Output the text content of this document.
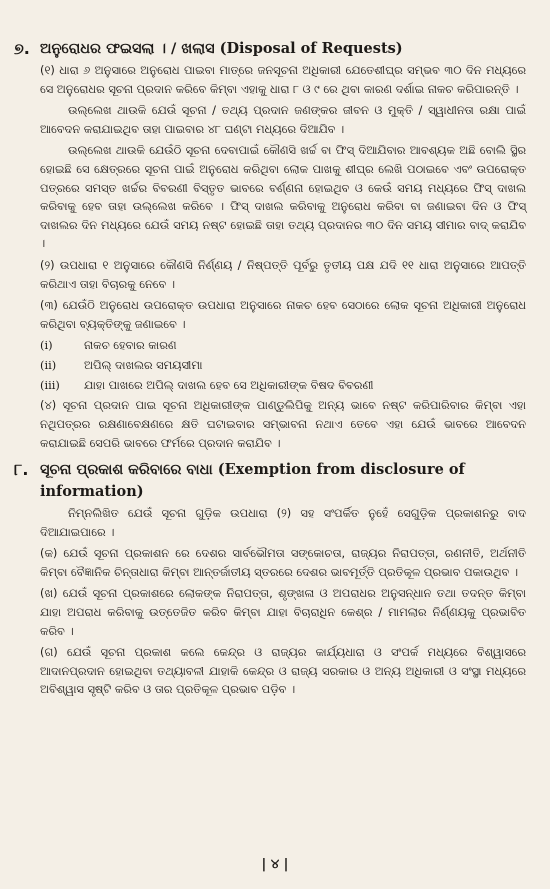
୭. ଅନୁରୋଧର ଫଇସଲା । / ଖଲାସ (Disposal of Requests)

(୧) ଧାରା ୬ ଅନୁସାରେ ଅନୁରୋଧ ପାଇବା ମାତ୍ରେ ଜନସୂଚନା ଅଧିକାରୀ ଯେତେଶୀଘ୍ର ସମ୍ଭବ ୩୦ ଦିନ ମଧ୍ୟରେ ସେ ଅନୁରୋଧର ସୂଚନା ପ୍ରଦାନ କରିବେ କିମ୍ବା ଏହାକୁ ଧାରା ୮ ଓ ୯ ରେ ଥିବା କାରଣ ଦର୍ଶାଇ ନାକଚ କରିପାରନ୍ତି ।

ଉଲ୍ଲେଖ ଥାଉକି ଯେଉଁ ସୂଚନା / ତଥ୍ୟ ପ୍ରଦାନ ଜଣଙ୍କର ଜୀବନ ଓ ମୁକ୍ତି / ସ୍ୱାଧୀନତା ରକ୍ଷା ପାଇଁ ଆବେଦନ କରାଯାଇଥିବ ତାହା ପାଇବାର ୪୮ ଘଣ୍ଟା ମଧ୍ୟରେ ଦିଆଯିବ ।

ଉଲ୍ଲେଖ ଥାଉକି ଯେଉଁଠି ସୂଚନା ଦେବାପାଇଁ କୌଣସି ଖର୍ଚ୍ଚ ବା ଫିସ୍ ଦିଆଯିବାର ଆବଶ୍ୟକ ଅଛି ବୋଲି ସ୍ଥିର ହୋଇଛି ସେ କ୍ଷେତ୍ରରେ ସୂଚନା ପାଇଁ ଅନୁରୋଧ କରିଥିବା ଲୋକ ପାଖକୁ ଶୀଘ୍ର ଲେଖି ପଠାଇବେ ଏବଂ ଉପରୋକ୍ତ ପତ୍ରରେ ସମସ୍ତ ଖର୍ଚ୍ଚର ବିବରଣୀ ବିସ୍ତୃତ ଭାବରେ ବର୍ଣ୍ଣନା ହୋଇଥିବ ଓ କେଉଁ ସମୟ ମଧ୍ୟରେ ଫିସ୍ ଦାଖଲ କରିବାକୁ ହେବ ତାହା ଉଲ୍ଲେଖ କରିବେ । ଫିସ୍ ଦାଖଲ କରିବାକୁ ଅନୁରୋଧ କରିବା ବା ଜଣାଇବା ଦିନ ଓ ଫିସ୍ ଦାଖଲର ଦିନ ମଧ୍ୟରେ ଯେଉଁ ସମୟ ନଷ୍ଟ ହୋଇଛି ତାହା ତଥ୍ୟ ପ୍ରଦାନର ୩୦ ଦିନ ସମୟ ସୀମାର ବାଦ୍ କରାଯିବ ।

(୨) ଉପଧାରା ୧ ଅନୁସାରେ କୌଣସି ନିର୍ଣ୍ଣୟ / ନିଷ୍ପତ୍ତି ପୂର୍ବରୁ ତୃତୀୟ ପକ୍ଷ ଯଦି ୧୧ ଧାରା ଅନୁସାରେ ଆପତ୍ତି କରିଥାଏ ତାହା ବିଚାରକୁ ନେବେ ।

(୩) ଯେଉଁଠି ଅନୁରୋଧ ଉପରୋକ୍ତ ଉପଧାରା ଅନୁସାରେ ନାକଚ ହେବ ସେଠାରେ ଲୋକ ସୂଚନା ଅଧିକାରୀ ଅନୁରୋଧ କରିଥିବା ବ୍ୟକ୍ତିଙ୍କୁ ଜଣାଇବେ ।

(i)	ନାକଚ ହେବାର କାରଣ
(ii)	ଅପିଲ୍ ଦାଖଲର ସମୟସୀମା
(iii)	ଯାହା ପାଖରେ ଅପିଲ୍ ଦାଖଲ ହେବ ସେ ଅଧିକାରୀଙ୍କ ବିଷଦ ବିବରଣୀ

(୪) ସୂଚନା ପ୍ରଦାନ ପାଇ ସୂଚନା ଅଧିକାରୀଙ୍କ ପାଣ୍ଡୁଲିପିକୁ ଅନ୍ୟ ଭାବେ ନଷ୍ଟ କରିପାରିବାର କିମ୍ବା ଏହା ନଥିପତ୍ରର ରକ୍ଷଣାବେକ୍ଷଣରେ କ୍ଷତି ଘଟାଇବାର ସମ୍ଭାବନା ନଥାଏ ତେବେ ଏହା ଯେଉଁ ଭାବରେ ଆବେଦନ କରାଯାଇଛି ସେପରି ଭାବରେ ଫର୍ମରେ ପ୍ରଦାନ କରାଯିବ ।

୮. ସୂଚନା ପ୍ରକାଶ କରିବାରେ ବାଧା (Exemption from disclosure of information)

ନିମ୍ନଲିଖିତ ଯେଉଁ ସୂଚନା ଗୁଡ଼ିକ ଉପଧାରା (୨) ସହ ସଂପର୍କିତ ନୁହେଁ ସେଗୁଡ଼ିକ ପ୍ରକାଶନରୁ ବାଦ ଦିଆଯାଇପାରେ ।

(କ) ଯେଉଁ ସୂଚନା ପ୍ରକାଶନ ରେ ଦେଶର ସାର୍ବଭୌମତା ସଙ୍କୋଚତା, ରାଜ୍ୟର ନିରାପତ୍ତା, ରଣନୀତି, ଅର୍ଥନୀତି କିମ୍ବା ବୈଜ୍ଞାନିକ ଚିନ୍ତାଧାରା କିମ୍ବା ଆନ୍ତର୍ଜାତୀୟ ସ୍ତରରେ ଦେଶର ଭାବମୂର୍ତ୍ତି ପ୍ରତିକୂଳ ପ୍ରଭାବ ପକାଉଥିବ ।

(ଖ) ଯେଉଁ ସୂଚନା ପ୍ରକାଶରେ ଲୋକଙ୍କ ନିରାପତ୍ତା, ଶୃଙ୍ଖଳା ଓ ଅପରାଧର ଅନୁସନ୍ଧାନ ତଥା ତଦନ୍ତ କିମ୍ବା ଯାହା ଅପରାଧ କରିବାକୁ ଉତ୍ତେଜିତ କରିବ କିମ୍ବା ଯାହା ବିଚାରାଧିନ କେଶ୍ର / ମାମଲାର ନିର୍ଣ୍ଣୟକୁ ପ୍ରଭାବିତ କରିବ ।

(ଗ) ଯେଉଁ ସୂଚନା ପ୍ରକାଶ କଲେ କେନ୍ଦ୍ର ଓ ରାଜ୍ୟର କାର୍ଯ୍ୟଧାରା ଓ ସଂପର୍କ ମଧ୍ୟରେ ବିଶ୍ୱାସରେ ଆଦାନପ୍ରଦାନ ହୋଇଥିବା ତଥ୍ୟାବଳୀ ଯାହାକି କେନ୍ଦ୍ର ଓ ରାଜ୍ୟ ସରକାର ଓ ଅନ୍ୟ ଅଧିକାରୀ ଓ ସଂସ୍ଥା ମଧ୍ୟରେ ଅବିଶ୍ୱାସ ସୃଷ୍ଟି କରିବ ଓ ତାର ପ୍ରତିକୂଳ ପ୍ରଭାବ ପଡ଼ିବ ।

| ୪ |
